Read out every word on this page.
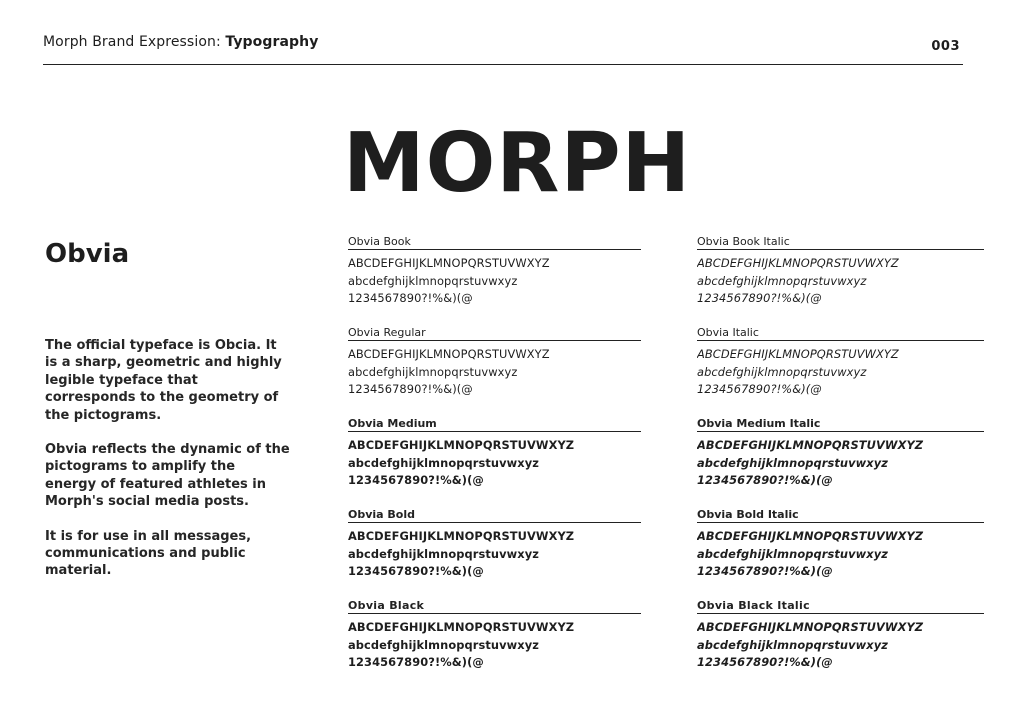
Morph Brand Expression: Typography	003
MORPH
Obvia

The official typeface is Obcia. It is a sharp, geometric and highly legible typeface that corresponds to the geometry of the pictograms.

Obvia reflects the dynamic of the pictograms to amplify the energy of featured athletes in Morph's social media posts.

It is for use in all messages, communications and public material.

Obvia Book
ABCDEFGHIJKLMNOPQRSTUVWXYZ
abcdefghijklmnopqrstuvwxyz
1234567890?!%&)(@
Obvia Regular
ABCDEFGHIJKLMNOPQRSTUVWXYZ
abcdefghijklmnopqrstuvwxyz
1234567890?!%&)(@
Obvia Medium
ABCDEFGHIJKLMNOPQRSTUVWXYZ
abcdefghijklmnopqrstuvwxyz
1234567890?!%&)(@
Obvia Bold
ABCDEFGHIJKLMNOPQRSTUVWXYZ
abcdefghijklmnopqrstuvwxyz
1234567890?!%&)(@
Obvia Black
ABCDEFGHIJKLMNOPQRSTUVWXYZ
abcdefghijklmnopqrstuvwxyz
1234567890?!%&)(@
Obvia Book Italic
ABCDEFGHIJKLMNOPQRSTUVWXYZ
abcdefghijklmnopqrstuvwxyz
1234567890?!%&)(@
Obvia Italic
ABCDEFGHIJKLMNOPQRSTUVWXYZ
abcdefghijklmnopqrstuvwxyz
1234567890?!%&)(@
Obvia Medium Italic
ABCDEFGHIJKLMNOPQRSTUVWXYZ
abcdefghijklmnopqrstuvwxyz
1234567890?!%&)(@
Obvia Bold Italic
ABCDEFGHIJKLMNOPQRSTUVWXYZ
abcdefghijklmnopqrstuvwxyz
1234567890?!%&)(@
Obvia Black Italic
ABCDEFGHIJKLMNOPQRSTUVWXYZ
abcdefghijklmnopqrstuvwxyz
1234567890?!%&)(@
